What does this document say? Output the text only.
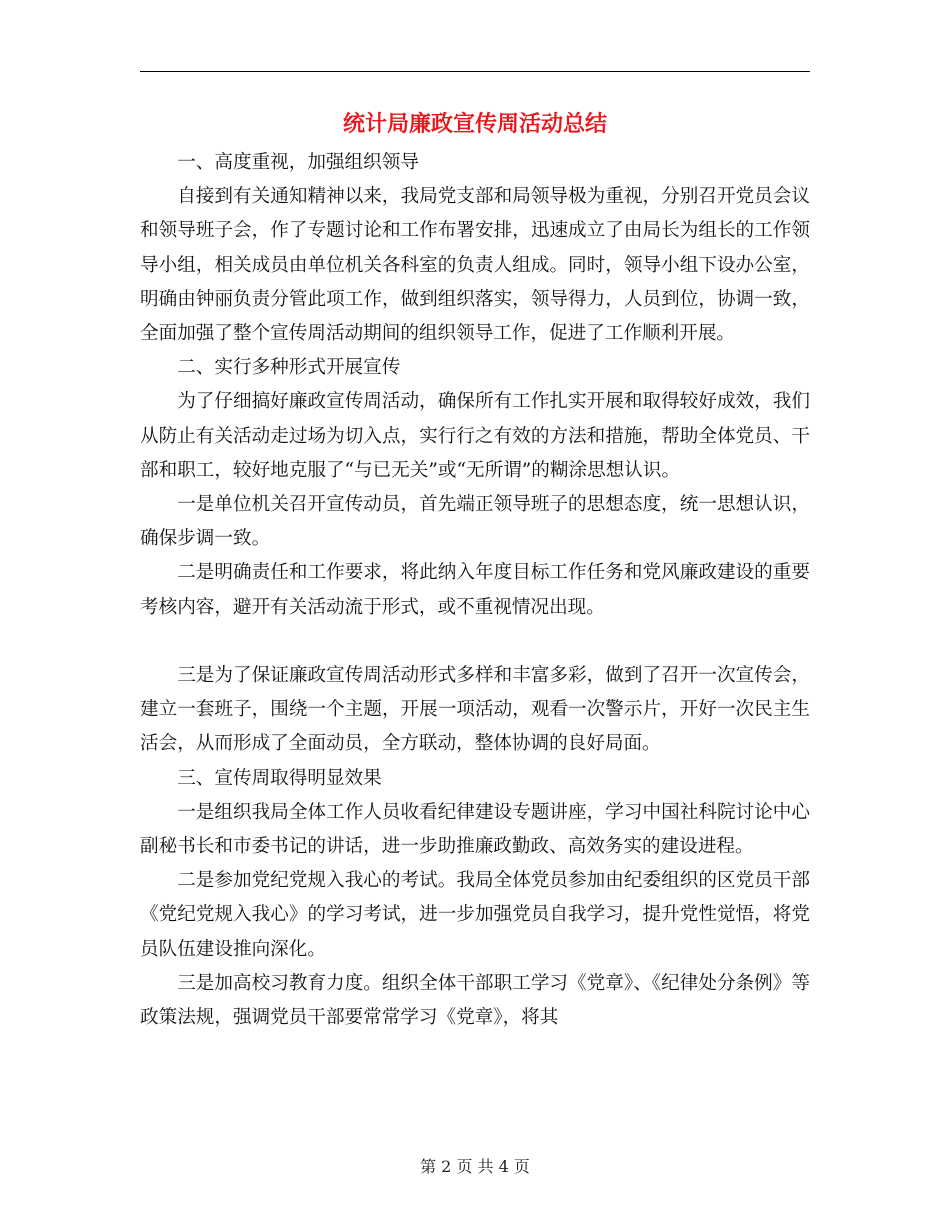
统计局廉政宣传周活动总结

一、高度重视，加强组织领导

自接到有关通知精神以来，我局党支部和局领导极为重视，分别召开党员会议和领导班子会，作了专题讨论和工作布署安排，迅速成立了由局长为组长的工作领导小组，相关成员由单位机关各科室的负责人组成。同时，领导小组下设办公室，明确由钟丽负责分管此项工作，做到组织落实，领导得力，人员到位，协调一致，全面加强了整个宣传周活动期间的组织领导工作，促进了工作顺利开展。

二、实行多种形式开展宣传

为了仔细搞好廉政宣传周活动，确保所有工作扎实开展和取得较好成效，我们从防止有关活动走过场为切入点，实行行之有效的方法和措施，帮助全体党员、干部和职工，较好地克服了“与已无关”或“无所谓”的糊涂思想认识。

一是单位机关召开宣传动员，首先端正领导班子的思想态度，统一思想认识，确保步调一致。

二是明确责任和工作要求，将此纳入年度目标工作任务和党风廉政建设的重要考核内容，避开有关活动流于形式，或不重视情况出现。

三是为了保证廉政宣传周活动形式多样和丰富多彩，做到了召开一次宣传会，建立一套班子，围绕一个主题，开展一项活动，观看一次警示片，开好一次民主生活会，从而形成了全面动员，全方联动，整体协调的良好局面。

三、宣传周取得明显效果

一是组织我局全体工作人员收看纪律建设专题讲座，学习中国社科院讨论中心副秘书长和市委书记的讲话，进一步助推廉政勤政、高效务实的建设进程。

二是参加党纪党规入我心的考试。我局全体党员参加由纪委组织的区党员干部《党纪党规入我心》的学习考试，进一步加强党员自我学习，提升党性觉悟，将党员队伍建设推向深化。

三是加高校习教育力度。组织全体干部职工学习《党章》、《纪律处分条例》等政策法规，强调党员干部要常常学习《党章》，将其

第 2 页 共 4 页
